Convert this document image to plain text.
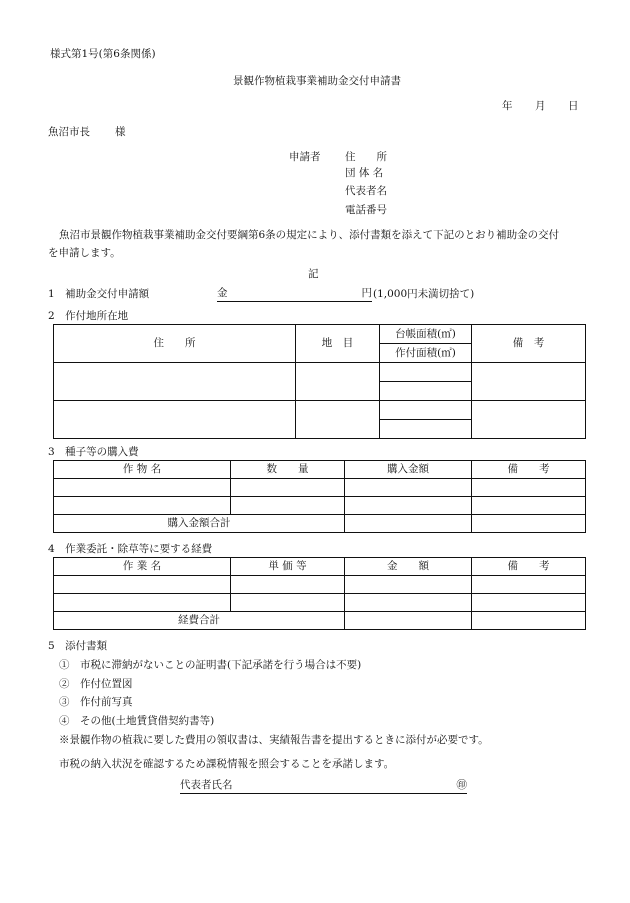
様式第1号(第6条関係)
景観作物植栽事業補助金交付申請書
年 月 日
魚沼市長 様
申請者 住　　所
団 体 名
代表者名
電話番号
魚沼市景観作物植栽事業補助金交付要綱第6条の規定により、添付書類を添えて下記のとおり補助金の交付
を申請します。
記
1　補助金交付申請額	金	円 (1,000円未満切捨て)
2　作付地所在地
住　　所	地　目	台帳面積(㎡)	備　考
		作付面積(㎡)	

3　種子等の購入費
作 物 名	数　　量	購入金額	備　　考

購入金額合計			
4　作業委託・除草等に要する経費
作 業 名	単 価 等	金　　額	備　　考

経費合計			
5　添付書類
①　市税に滞納がないことの証明書(下記承諾を行う場合は不要)
②　作付位置図
③　作付前写真
④　その他(土地賃貸借契約書等)
※景観作物の植栽に要した費用の領収書は、実績報告書を提出するときに添付が必要です。
市税の納入状況を確認するため課税情報を照会することを承諾します。
代表者氏名	㊞
